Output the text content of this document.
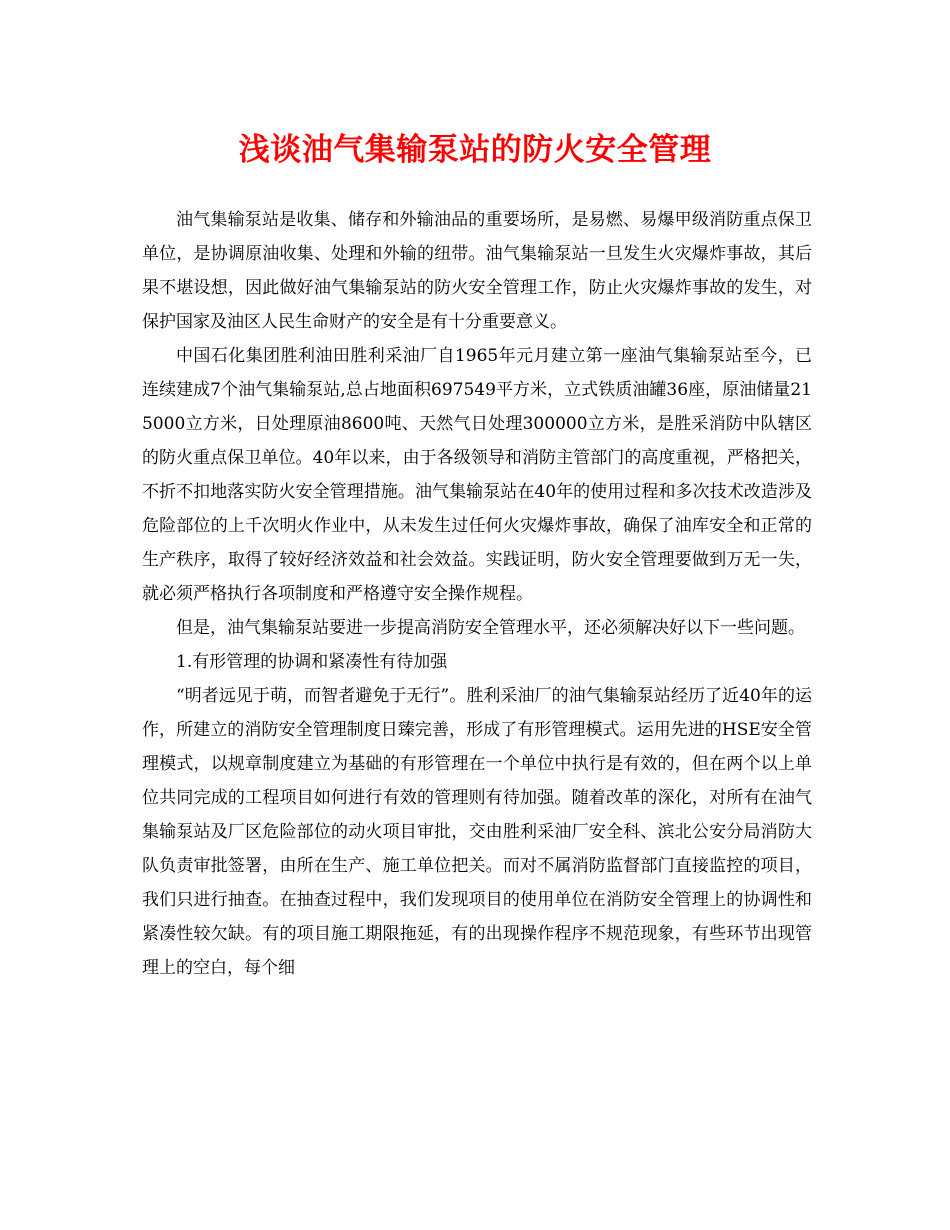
浅谈油气集输泵站的防火安全管理

油气集输泵站是收集、储存和外输油品的重要场所，是易燃、易爆甲级消防重点保卫单位，是协调原油收集、处理和外输的纽带。油气集输泵站一旦发生火灾爆炸事故，其后果不堪设想，因此做好油气集输泵站的防火安全管理工作，防止火灾爆炸事故的发生，对保护国家及油区人民生命财产的安全是有十分重要意义。

中国石化集团胜利油田胜利采油厂自1965年元月建立第一座油气集输泵站至今，已连续建成7个油气集输泵站,总占地面积697549平方米，立式铁质油罐36座，原油储量215000立方米，日处理原油8600吨、天然气日处理300000立方米，是胜采消防中队辖区的防火重点保卫单位。40年以来，由于各级领导和消防主管部门的高度重视，严格把关，不折不扣地落实防火安全管理措施。油气集输泵站在40年的使用过程和多次技术改造涉及危险部位的上千次明火作业中，从未发生过任何火灾爆炸事故，确保了油库安全和正常的生产秩序，取得了较好经济效益和社会效益。实践证明，防火安全管理要做到万无一失，就必须严格执行各项制度和严格遵守安全操作规程。

但是，油气集输泵站要进一步提高消防安全管理水平，还必须解决好以下一些问题。

1.有形管理的协调和紧凑性有待加强

“明者远见于萌，而智者避免于无行”。胜利采油厂的油气集输泵站经历了近40年的运作，所建立的消防安全管理制度日臻完善，形成了有形管理模式。运用先进的HSE安全管理模式，以规章制度建立为基础的有形管理在一个单位中执行是有效的，但在两个以上单位共同完成的工程项目如何进行有效的管理则有待加强。随着改革的深化，对所有在油气集输泵站及厂区危险部位的动火项目审批，交由胜利采油厂安全科、滨北公安分局消防大队负责审批签署，由所在生产、施工单位把关。而对不属消防监督部门直接监控的项目，我们只进行抽查。在抽查过程中，我们发现项目的使用单位在消防安全管理上的协调性和紧凑性较欠缺。有的项目施工期限拖延，有的出现操作程序不规范现象，有些环节出现管理上的空白，每个细
